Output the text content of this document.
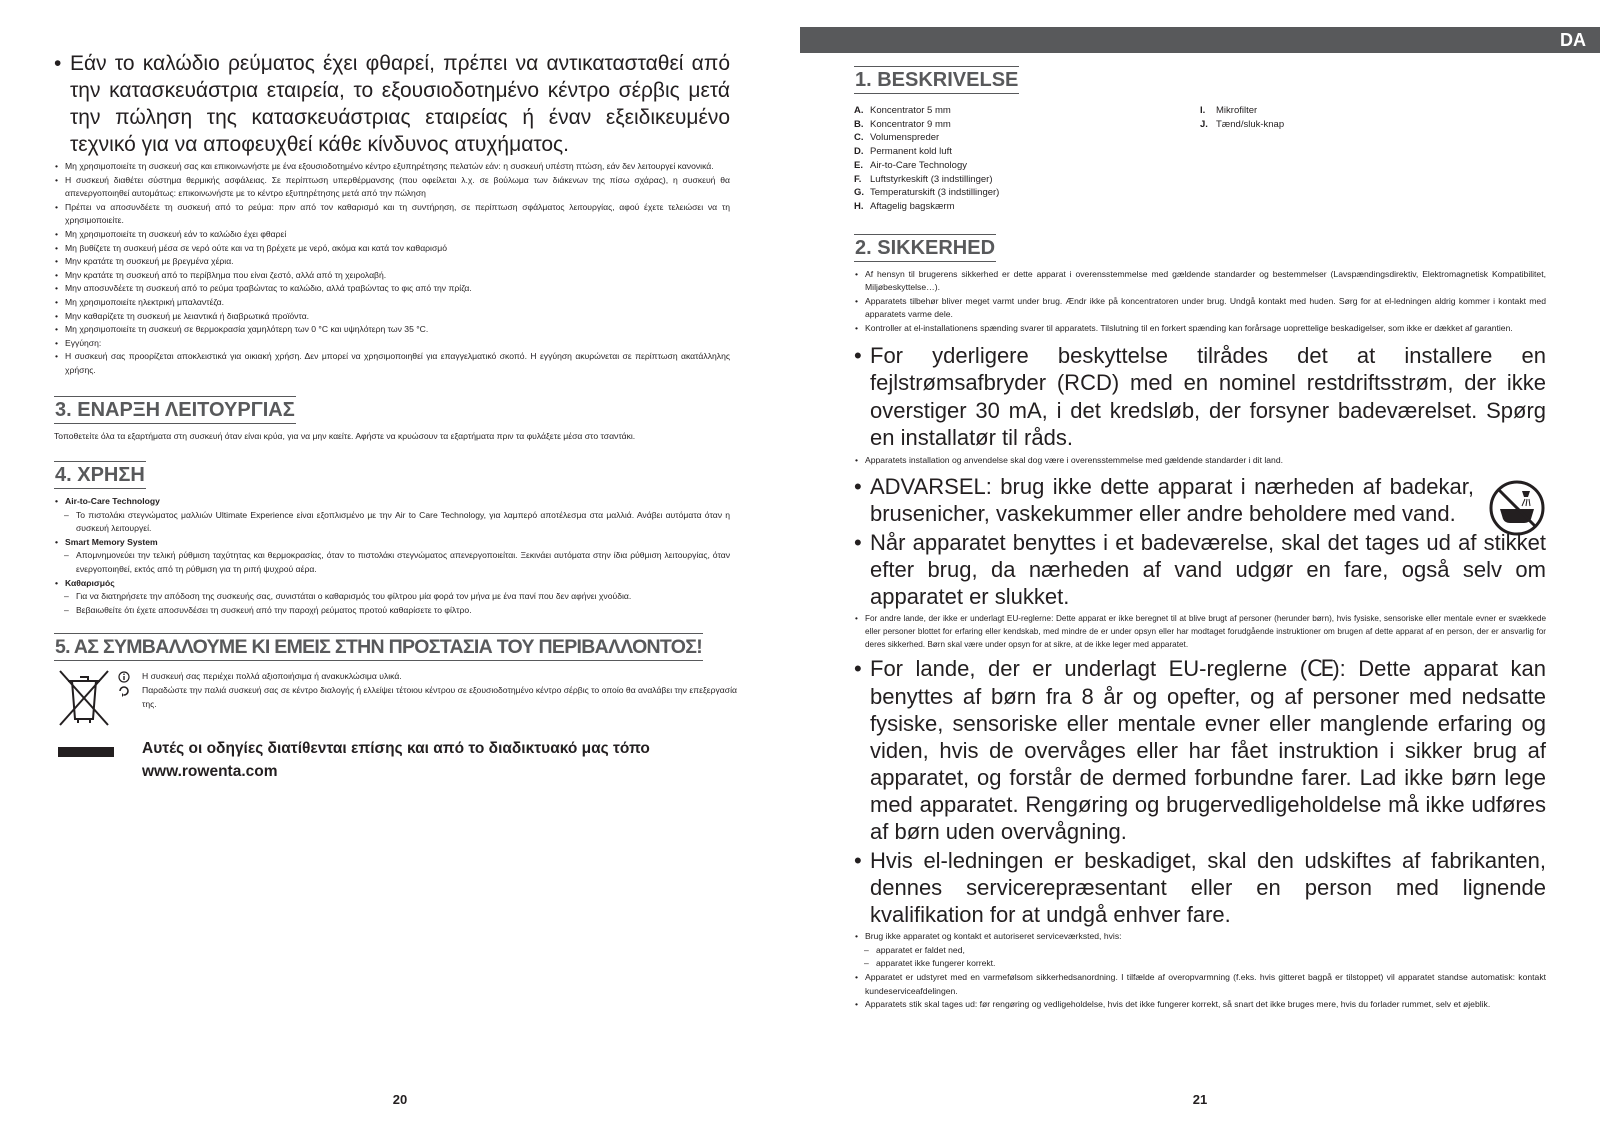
• Εάν το καλώδιο ρεύματος έχει φθαρεί, πρέπει να αντικατασταθεί από την κατασκευάστρια εταιρεία, το εξουσιοδοτημένο κέντρο σέρβις μετά την πώληση της κατασκευάστριας εταιρείας ή έναν εξειδικευμένο τεχνικό για να αποφευχθεί κάθε κίνδυνος ατυχήματος.
• Μη χρησιμοποιείτε τη συσκευή σας και επικοινωνήστε με ένα εξουσιοδοτημένο κέντρο εξυπηρέτησης πελατών εάν: η συσκευή υπέστη πτώση, εάν δεν λειτουργεί κανονικά.
• Η συσκευή διαθέτει σύστημα θερμικής ασφάλειας. Σε περίπτωση υπερθέρμανσης (που οφείλεται λ.χ. σε βούλωμα των διάκενων της πίσω σχάρας), η συσκευή θα απενεργοποιηθεί αυτομάτως: επικοινωνήστε με το κέντρο εξυπηρέτησης μετά από την πώληση
• Πρέπει να αποσυνδέετε τη συσκευή από το ρεύμα: πριν από τον καθαρισμό και τη συντήρηση, σε περίπτωση σφάλματος λειτουργίας, αφού έχετε τελειώσει να τη χρησιμοποιείτε.
• Μη χρησιμοποιείτε τη συσκευή εάν το καλώδιο έχει φθαρεί
• Μη βυθίζετε τη συσκευή μέσα σε νερό ούτε και να τη βρέχετε με νερό, ακόμα και κατά τον καθαρισμό
• Μην κρατάτε τη συσκευή με βρεγμένα χέρια.
• Μην κρατάτε τη συσκευή από το περίβλημα που είναι ζεστό, αλλά από τη χειρολαβή.
• Μην αποσυνδέετε τη συσκευή από το ρεύμα τραβώντας το καλώδιο, αλλά τραβώντας το φις από την πρίζα.
• Μη χρησιμοποιείτε ηλεκτρική μπαλαντέζα.
• Μην καθαρίζετε τη συσκευή με λειαντικά ή διαβρωτικά προϊόντα.
• Μη χρησιμοποιείτε τη συσκευή σε θερμοκρασία χαμηλότερη των 0 °C και υψηλότερη των 35 °C.
• Εγγύηση:
• Η συσκευή σας προορίζεται αποκλειστικά για οικιακή χρήση. Δεν μπορεί να χρησιμοποιηθεί για επαγγελματικό σκοπό. Η εγγύηση ακυρώνεται σε περίπτωση ακατάλληλης χρήσης.
3. ΕΝΑΡΞΗ ΛΕΙΤΟΥΡΓΙΑΣ

Τοποθετείτε όλα τα εξαρτήματα στη συσκευή όταν είναι κρύα, για να μην καείτε. Αφήστε να κρυώσουν τα εξαρτήματα πριν τα φυλάξετε μέσα στο τσαντάκι.

4. ΧΡΗΣΗ
• Air-to-Care Technology
– Το πιστολάκι στεγνώματος μαλλιών Ultimate Experience είναι εξοπλισμένο με την Air to Care Technology, για λαμπερό αποτέλεσμα στα μαλλιά. Ανάβει αυτόματα όταν η συσκευή λειτουργεί.
• Smart Memory System
– Απομνημονεύει την τελική ρύθμιση ταχύτητας και θερμοκρασίας, όταν το πιστολάκι στεγνώματος απενεργοποιείται. Ξεκινάει αυτόματα στην ίδια ρύθμιση λειτουργίας, όταν ενεργοποιηθεί, εκτός από τη ρύθμιση για τη ριπή ψυχρού αέρα.
• Καθαρισμός
– Για να διατηρήσετε την απόδοση της συσκευής σας, συνιστάται ο καθαρισμός του φίλτρου μία φορά τον μήνα με ένα πανί που δεν αφήνει χνούδια.
– Βεβαιωθείτε ότι έχετε αποσυνδέσει τη συσκευή από την παροχή ρεύματος προτού καθαρίσετε το φίλτρο.
5. ΑΣ ΣΥΜΒΑΛΛΟΥΜΕ ΚΙ ΕΜΕΙΣ ΣΤΗΝ ΠΡΟΣΤΑΣΙΑ ΤΟΥ ΠΕΡΙΒΑΛΛΟΝΤΟΣ!
Η συσκευή σας περιέχει πολλά αξιοποιήσιμα ή ανακυκλώσιμα υλικά.
Παραδώστε την παλιά συσκευή σας σε κέντρο διαλογής ή ελλείψει τέτοιου κέντρου σε εξουσιοδοτημένο κέντρο σέρβις το οποίο θα αναλάβει την επεξεργασία της.
Αυτές οι οδηγίες διατίθενται επίσης και από το διαδικτυακό μας τόπο
www.rowenta.com
20
DA
1. BESKRIVELSE
A. Koncentrator 5 mm
B. Koncentrator 9 mm
C. Volumenspreder
D. Permanent kold luft
E. Air-to-Care Technology
F. Luftstyrkeskift (3 indstillinger)
G. Temperaturskift (3 indstillinger)
H. Aftagelig bagskærm
I. Mikrofilter
J. Tænd/sluk-knap
2. SIKKERHED
• Af hensyn til brugerens sikkerhed er dette apparat i overensstemmelse med gældende standarder og bestemmelser (Lavspændingsdirektiv, Elektromagnetisk Kompatibilitet, Miljøbeskyttelse…).
• Apparatets tilbehør bliver meget varmt under brug. Ændr ikke på koncentratoren under brug. Undgå kontakt med huden. Sørg for at el-ledningen aldrig kommer i kontakt med apparatets varme dele.
• Kontroller at el-installationens spænding svarer til apparatets. Tilslutning til en forkert spænding kan forårsage uoprettelige beskadigelser, som ikke er dækket af garantien.
• For yderligere beskyttelse tilrådes det at installere en fejlstrømsafbryder (RCD) med en nominel restdriftsstrøm, der ikke overstiger 30 mA, i det kredsløb, der forsyner badeværelset. Spørg en installatør til råds.
• Apparatets installation og anvendelse skal dog være i overensstemmelse med gældende standarder i dit land.
• ADVARSEL: brug ikke dette apparat i nærheden af badekar, brusenicher, vaskekummer eller andre beholdere med vand.
• Når apparatet benyttes i et badeværelse, skal det tages ud af stikket efter brug, da nærheden af vand udgør en fare, også selv om apparatet er slukket.
• For andre lande, der ikke er underlagt EU-reglerne: Dette apparat er ikke beregnet til at blive brugt af personer (herunder børn), hvis fysiske, sensoriske eller mentale evner er svækkede eller personer blottet for erfaring eller kendskab, med mindre de er under opsyn eller har modtaget forudgående instruktioner om brugen af dette apparat af en person, der er ansvarlig for deres sikkerhed. Børn skal være under opsyn for at sikre, at de ikke leger med apparatet.
• For lande, der er underlagt EU-reglerne (CE): Dette apparat kan benyttes af børn fra 8 år og opefter, og af personer med nedsatte fysiske, sensoriske eller mentale evner eller manglende erfaring og viden, hvis de overvåges eller har fået instruktion i sikker brug af apparatet, og forstår de dermed forbundne farer. Lad ikke børn lege med apparatet. Rengøring og brugervedligeholdelse må ikke udføres af børn uden overvågning.
• Hvis el-ledningen er beskadiget, skal den udskiftes af fabrikanten, dennes servicerepræsentant eller en person med lignende kvalifikation for at undgå enhver fare.
• Brug ikke apparatet og kontakt et autoriseret serviceværksted, hvis:
– apparatet er faldet ned,
– apparatet ikke fungerer korrekt.
• Apparatet er udstyret med en varmefølsom sikkerhedsanordning. I tilfælde af overopvarmning (f.eks. hvis gitteret bagpå er tilstoppet) vil apparatet standse automatisk: kontakt kundeserviceafdelingen.
• Apparatets stik skal tages ud: før rengøring og vedligeholdelse, hvis det ikke fungerer korrekt, så snart det ikke bruges mere, hvis du forlader rummet, selv et øjeblik.
21
